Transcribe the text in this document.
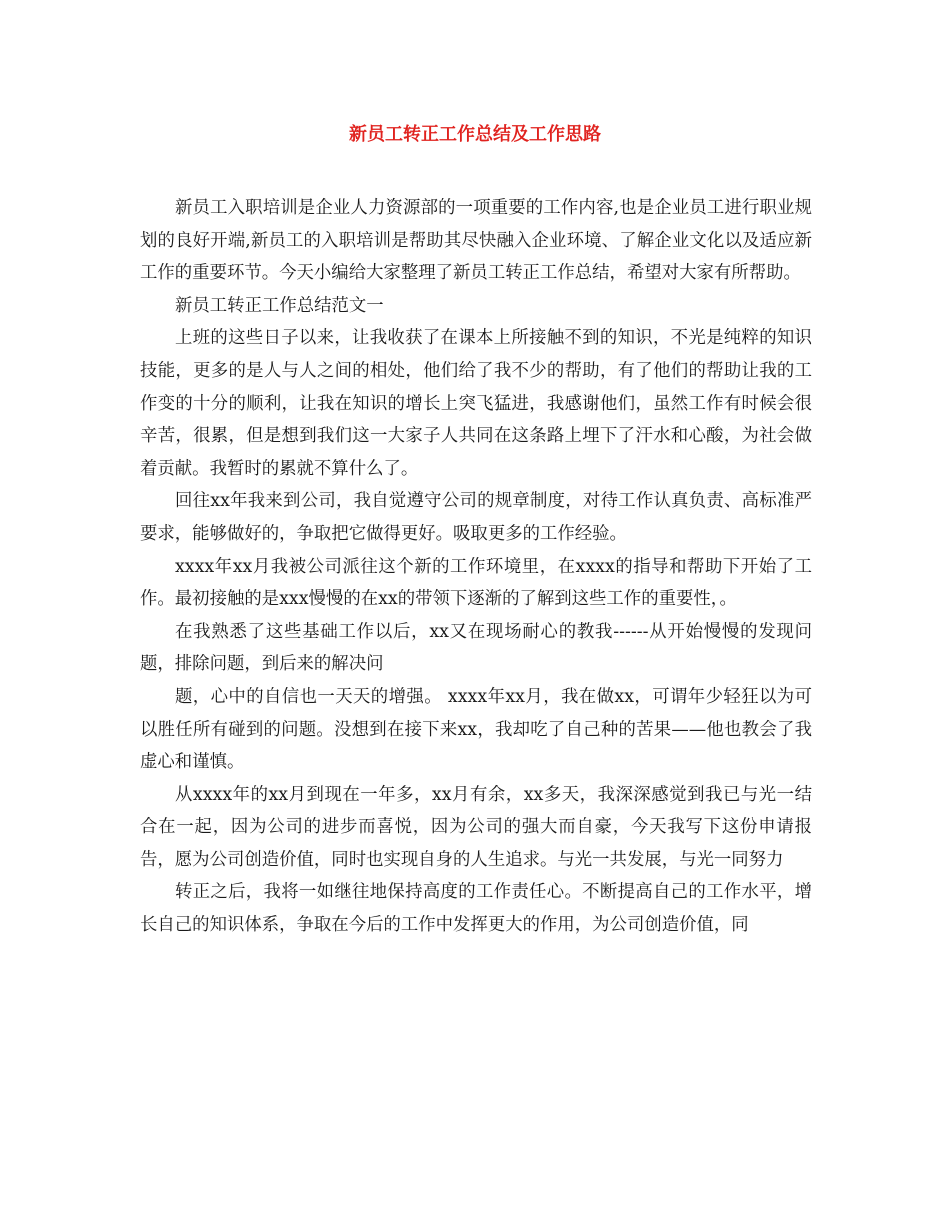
新员工转正工作总结及工作思路

新员工入职培训是企业人力资源部的一项重要的工作内容,也是企业员工进行职业规划的良好开端,新员工的入职培训是帮助其尽快融入企业环境、了解企业文化以及适应新工作的重要环节。今天小编给大家整理了新员工转正工作总结，希望对大家有所帮助。

新员工转正工作总结范文一

上班的这些日子以来，让我收获了在课本上所接触不到的知识，不光是纯粹的知识技能，更多的是人与人之间的相处，他们给了我不少的帮助，有了他们的帮助让我的工作变的十分的顺利，让我在知识的增长上突飞猛进，我感谢他们，虽然工作有时候会很辛苦，很累，但是想到我们这一大家子人共同在这条路上埋下了汗水和心酸，为社会做着贡献。我暂时的累就不算什么了。

回往xx年我来到公司，我自觉遵守公司的规章制度，对待工作认真负责、高标准严要求，能够做好的，争取把它做得更好。吸取更多的工作经验。

xxxx年xx月我被公司派往这个新的工作环境里，在xxxx的指导和帮助下开始了工作。最初接触的是xxx慢慢的在xx的带领下逐渐的了解到这些工作的重要性，。

在我熟悉了这些基础工作以后，xx又在现场耐心的教我------从开始慢慢的发现问题，排除问题，到后来的解决问

题，心中的自信也一天天的增强。 xxxx年xx月，我在做xx，可谓年少轻狂以为可以胜任所有碰到的问题。没想到在接下来xx，我却吃了自己种的苦果——他也教会了我虚心和谨慎。

从xxxx年的xx月到现在一年多，xx月有余，xx多天，我深深感觉到我已与光一结合在一起，因为公司的进步而喜悦，因为公司的强大而自豪，今天我写下这份申请报告，愿为公司创造价值，同时也实现自身的人生追求。与光一共发展，与光一同努力

转正之后，我将一如继往地保持高度的工作责任心。不断提高自己的工作水平，增长自己的知识体系，争取在今后的工作中发挥更大的作用，为公司创造价值，同
